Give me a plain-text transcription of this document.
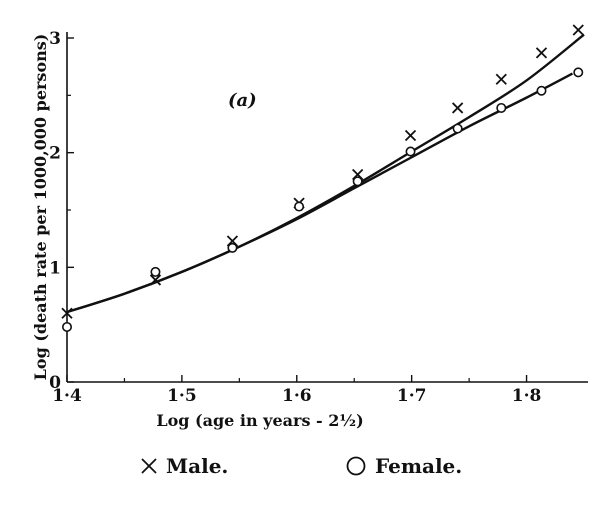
1·4	1·5	1·6	1·7	1·8
0
1
2
3
(a)
Log (age in years - 2½)
Log (death rate per 1000,000 persons)
Male.	Female.
